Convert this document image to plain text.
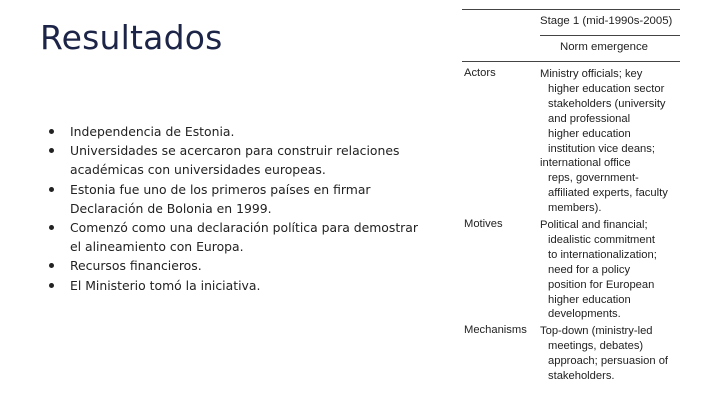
Resultados
Independencia de Estonia.
Universidades se acercaron para construir relaciones
académicas con universidades europeas.
Estonia fue uno de los primeros países en firmar
Declaración de Bolonia en 1999.
Comenzó como una declaración política para demostrar
el alineamiento con Europa.
Recursos financieros.
El Ministerio tomó la iniciativa.
Stage 1 (mid-1990s-2005)
Norm emergence
Actors	Ministry officials; key
higher education sector
stakeholders (university
and professional
higher education
institution vice deans;
international office
reps, government-
affiliated experts, faculty
members).
Motives	Political and financial;
idealistic commitment
to internationalization;
need for a policy
position for European
higher education
developments.
Mechanisms Top-down (ministry-led
meetings, debates)
approach; persuasion of
stakeholders.
